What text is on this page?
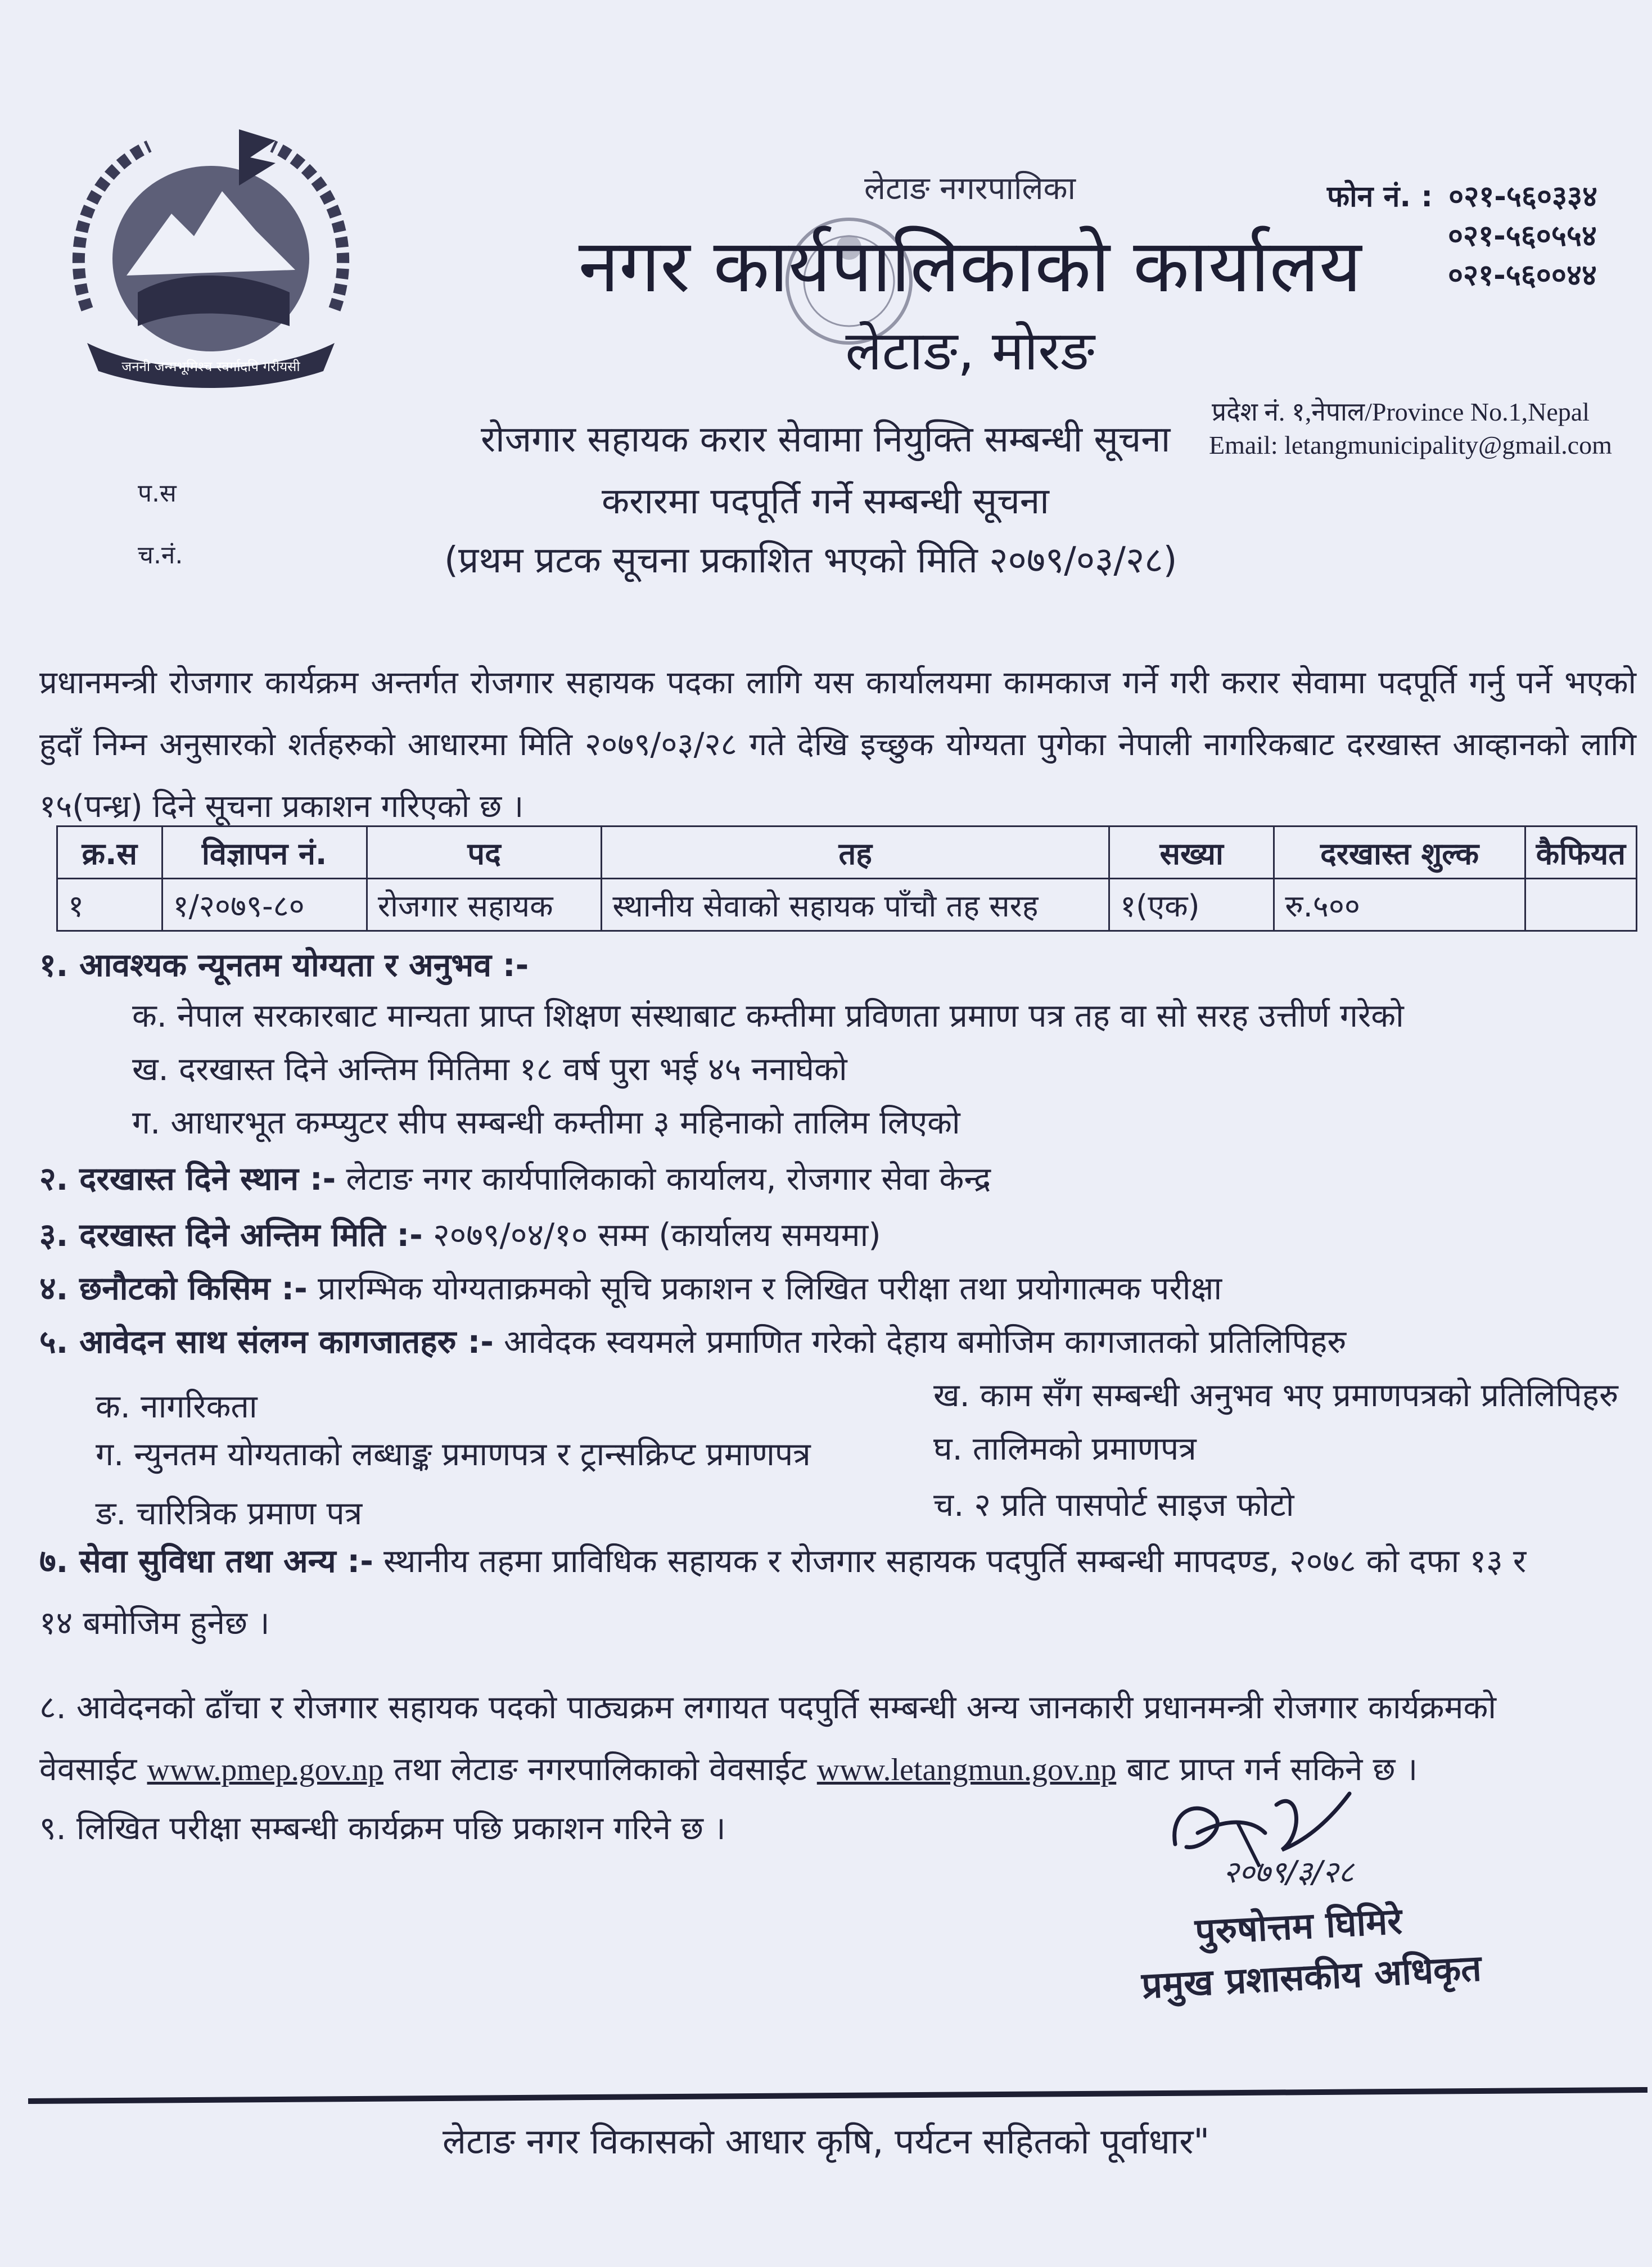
जननी जन्मभूमिश्च स्वर्गादपि गरीयसी
लेटाङ नगरपालिका
नगर कार्यपालिकाको कार्यालय
लेटाङ, मोरङ
फोन नं. : ०२१-५६०३३४
०२१-५६०५५४
०२१-५६००४४
प्रदेश नं. १,नेपाल/Province No.1,Nepal
Email: letangmunicipality@gmail.com
रोजगार सहायक करार सेवामा नियुक्ति सम्बन्धी सूचना
करारमा पदपूर्ति गर्ने सम्बन्धी सूचना
(प्रथम प्रटक सूचना प्रकाशित भएको मिति २०७९/०३/२८)
प.स
च.नं.
प्रधानमन्त्री रोजगार कार्यक्रम अन्तर्गत रोजगार सहायक पदका लागि यस कार्यालयमा कामकाज गर्ने गरी करार सेवामा पदपूर्ति गर्नु पर्ने भएको हुदाँ निम्न अनुसारको शर्तहरुको आधारमा मिति २०७९/०३/२८ गते देखि इच्छुक योग्यता पुगेका नेपाली नागरिकबाट दरखास्त आव्हानको लागि १५(पन्ध्र) दिने सूचना प्रकाशन गरिएको छ ।
क्र.स	विज्ञापन नं.	पद	तह	सख्या	दरखास्त शुल्क	कैफियत
१	१/२०७९-८०	रोजगार सहायक	स्थानीय सेवाको सहायक पाँचौ तह सरह	१(एक)	रु.५००	
१. आवश्यक न्यूनतम योग्यता र अनुभव :-
क. नेपाल सरकारबाट मान्यता प्राप्त शिक्षण संस्थाबाट कम्तीमा प्रविणता प्रमाण पत्र तह वा सो सरह उत्तीर्ण गरेको
ख. दरखास्त दिने अन्तिम मितिमा १८ वर्ष पुरा भई ४५ ननाघेको
ग. आधारभूत कम्प्युटर सीप सम्बन्धी कम्तीमा ३ महिनाको तालिम लिएको
२. दरखास्त दिने स्थान :- लेटाङ नगर कार्यपालिकाको कार्यालय, रोजगार सेवा केन्द्र
३. दरखास्त दिने अन्तिम मिति :- २०७९/०४/१० सम्म (कार्यालय समयमा)
४. छनौटको किसिम :- प्रारम्भिक योग्यताक्रमको सूचि प्रकाशन र लिखित परीक्षा तथा प्रयोगात्मक परीक्षा
५. आवेदन साथ संलग्न कागजातहरु :- आवेदक स्वयमले प्रमाणित गरेको देहाय बमोजिम कागजातको प्रतिलिपिहरु
क. नागरिकता	ख. काम सँग सम्बन्धी अनुभव भए प्रमाणपत्रको प्रतिलिपिहरु
ग. न्युनतम योग्यताको लब्धाङ्क प्रमाणपत्र र ट्रान्सक्रिप्ट प्रमाणपत्र	घ. तालिमको प्रमाणपत्र
ङ. चारित्रिक प्रमाण पत्र	च. २ प्रति पासपोर्ट साइज फोटो
७. सेवा सुविधा तथा अन्य :- स्थानीय तहमा प्राविधिक सहायक र रोजगार सहायक पदपुर्ति सम्बन्धी मापदण्ड, २०७८ को दफा १३ र
१४ बमोजिम हुनेछ ।
८. आवेदनको ढाँचा र रोजगार सहायक पदको पाठ्यक्रम लगायत पदपुर्ति सम्बन्धी अन्य जानकारी प्रधानमन्त्री रोजगार कार्यक्रमको
वेवसाईट www.pmep.gov.np तथा लेटाङ नगरपालिकाको वेवसाईट www.letangmun.gov.np बाट प्राप्त गर्न सकिने छ ।
९. लिखित परीक्षा सम्बन्धी कार्यक्रम पछि प्रकाशन गरिने छ ।
२०७९/३/२८
पुरुषोत्तम घिमिरे
प्रमुख प्रशासकीय अधिकृत
लेटाङ नगर विकासको आधार कृषि, पर्यटन सहितको पूर्वाधार"
